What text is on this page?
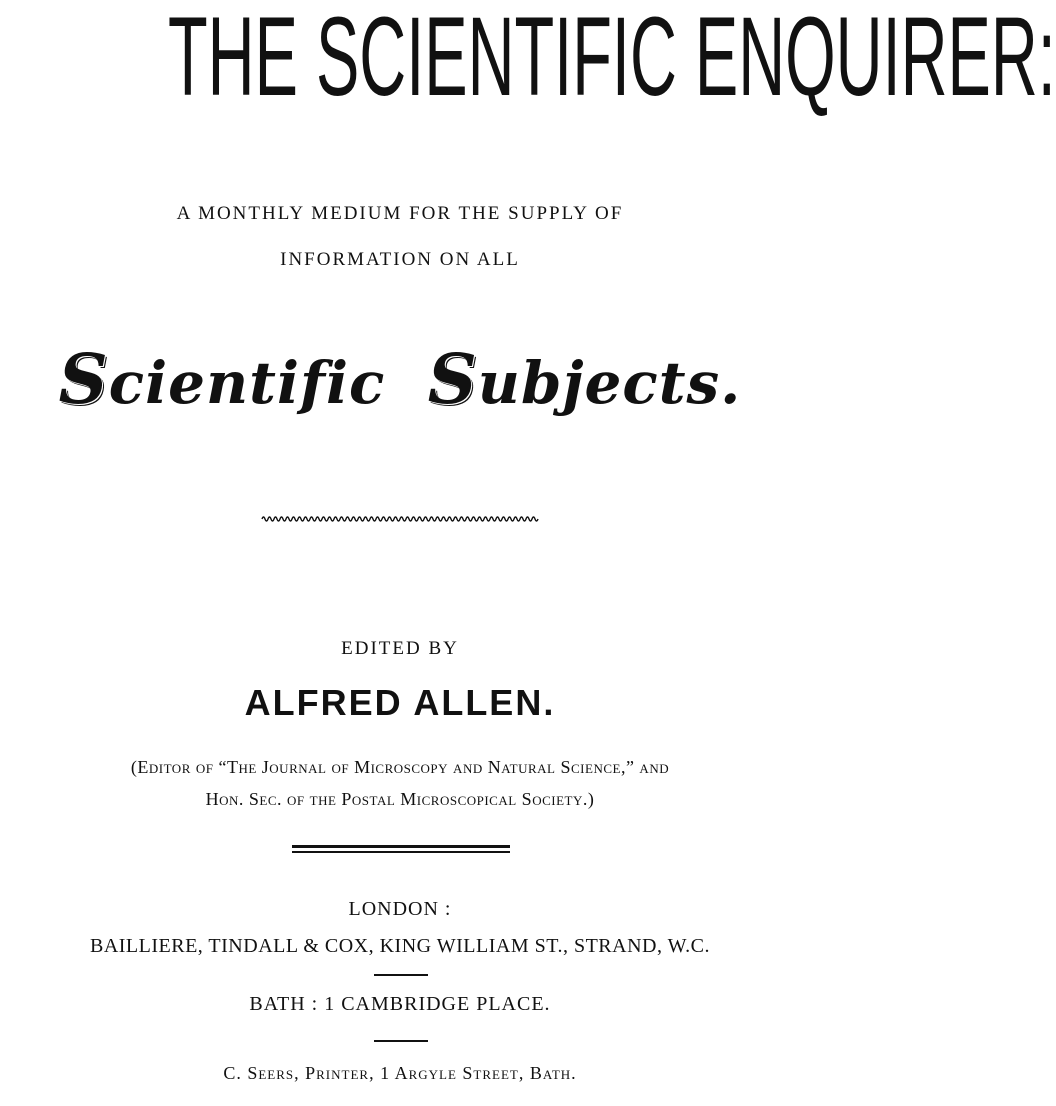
THE SCIENTIFIC ENQUIRER:
A MONTHLY MEDIUM FOR THE SUPPLY OF
INFORMATION ON ALL
Scientific Subjects.
EDITED BY
ALFRED ALLEN.
(Editor of “The Journal of Microscopy and Natural Science,” and
Hon. Sec. of the Postal Microscopical Society.)
LONDON :
BAILLIERE, TINDALL & COX, KING WILLIAM ST., STRAND, W.C.
BATH : 1 CAMBRIDGE PLACE.
C. Seers, Printer, 1 Argyle Street, Bath.
